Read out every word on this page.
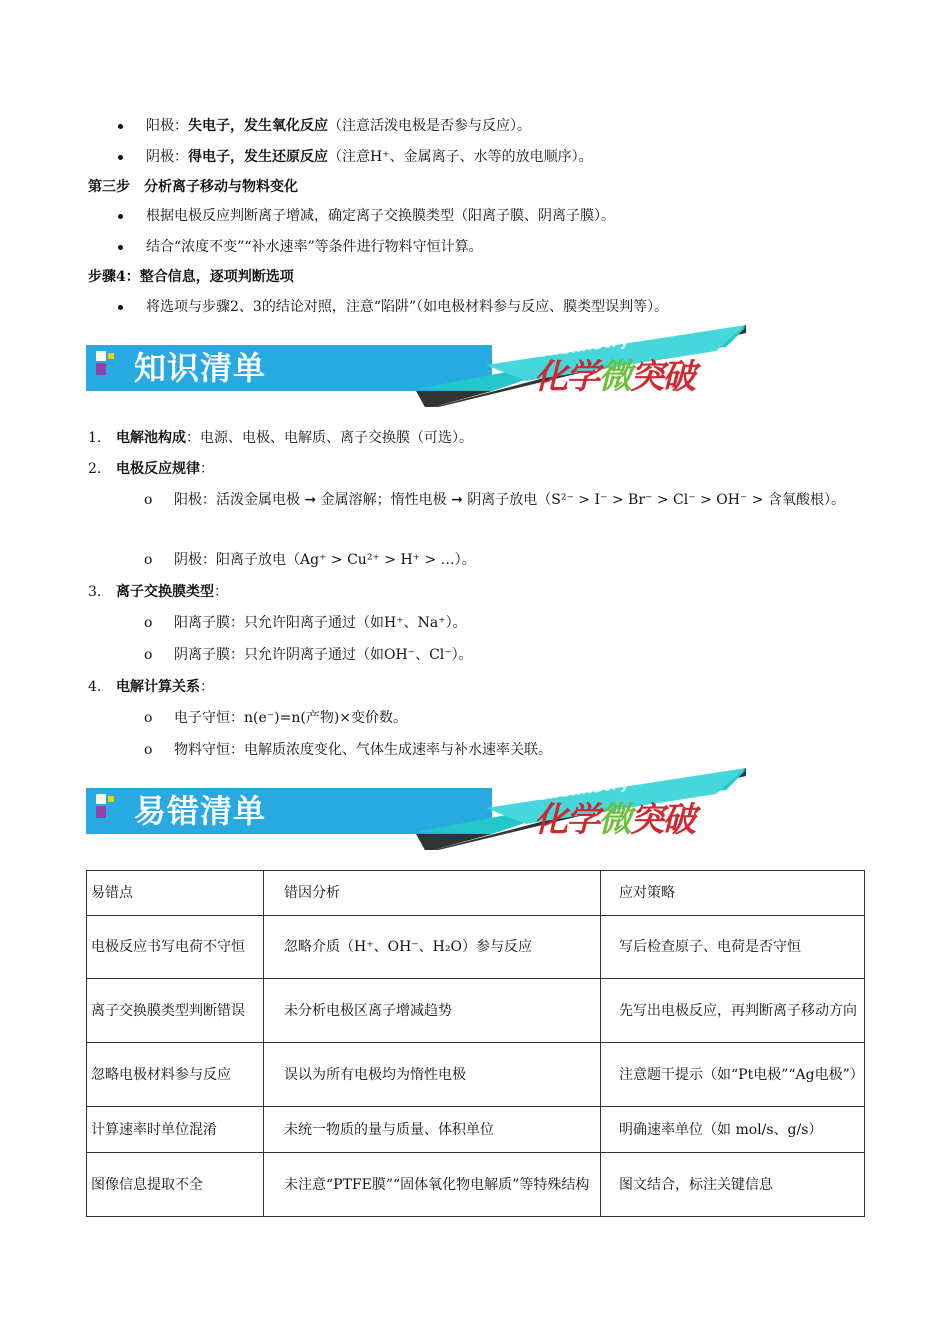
阳极：失电子，发生氧化反应（注意活泼电极是否参与反应）。
阴极：得电子，发生还原反应（注意H⁺、金属离子、水等的放电顺序）。
第三步　分析离子移动与物料变化
根据电极反应判断离子增减，确定离子交换膜类型（阳离子膜、阴离子膜）。
结合“浓度不变”“补水速率”等条件进行物料守恒计算。
步骤4：整合信息，逐项判断选项
将选项与步骤2、3的结论对照，注意“陷阱”（如电极材料参与反应、膜类型误判等）。
知识清单
chemistry
化学微突破
1. 电解池构成：电源、电极、电解质、离子交换膜（可选）。
2. 电极反应规律：
o 阳极：活泼金属电极 ➞ 金属溶解；惰性电极 ➞ 阴离子放电（S²⁻ > I⁻ > Br⁻ > Cl⁻ > OH⁻ > 含氧酸根）。
o 阴极：阳离子放电（Ag⁺ > Cu²⁺ > H⁺ > …）。
3. 离子交换膜类型：
o 阳离子膜：只允许阳离子通过（如H⁺、Na⁺）。
o 阴离子膜：只允许阴离子通过（如OH⁻、Cl⁻）。
4. 电解计算关系：
o 电子守恒：n(e⁻)=n(产物)×变价数。
o 物料守恒：电解质浓度变化、气体生成速率与补水速率关联。
易错清单
chemistry
化学微突破
易错点	错因分析	应对策略
电极反应书写电荷不守恒	忽略介质（H⁺、OH⁻、H₂O）参与反应	写后检查原子、电荷是否守恒
离子交换膜类型判断错误	未分析电极区离子增减趋势	先写出电极反应，再判断离子移动方向
忽略电极材料参与反应	误以为所有电极均为惰性电极	注意题干提示（如“Pt电极”“Ag电极”）
计算速率时单位混淆	未统一物质的量与质量、体积单位	明确速率单位（如 mol/s、g/s）
图像信息提取不全	未注意“PTFE膜”“固体氧化物电解质”等特殊结构	图文结合，标注关键信息
